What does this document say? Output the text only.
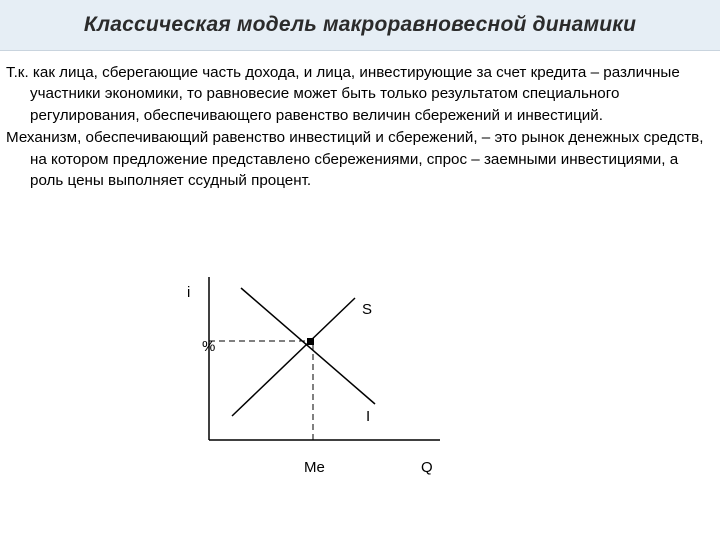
Классическая модель макроравновесной динамики

Т.к. как лица, сберегающие часть дохода, и лица, инвестирующие за счет кредита – различные участники экономики, то равновесие может быть только результатом специального регулирования, обеспечивающего равенство величин сбережений и инвестиций.

Механизм, обеспечивающий равенство инвестиций и сбережений, – это рынок денежных средств, на котором предложение представлено сбережениями, спрос – заемными инвестициями, а роль цены выполняет ссудный процент.

i
S
%
I
Me	Q
